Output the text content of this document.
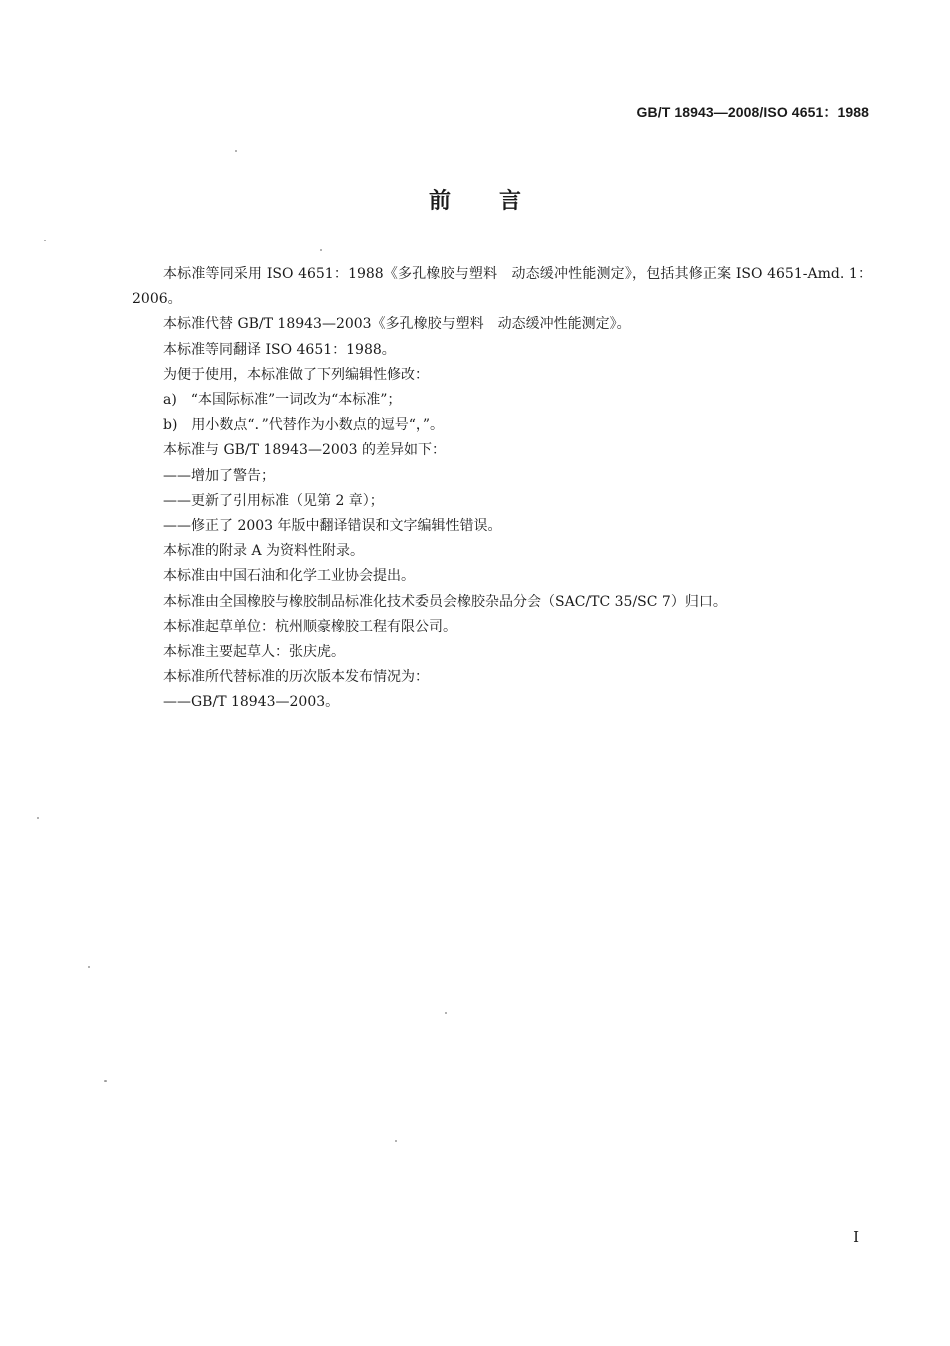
GB/T 18943—2008/ISO 4651：1988
前言

本标准等同采用 ISO 4651：1988《多孔橡胶与塑料　动态缓冲性能测定》，包括其修正案 ISO 4651-Amd. 1：2006。

本标准代替 GB/T 18943—2003《多孔橡胶与塑料　动态缓冲性能测定》。

本标准等同翻译 ISO 4651：1988。

为便于使用，本标准做了下列编辑性修改：

a)　“本国际标准”一词改为“本标准”；

b)　用小数点“．”代替作为小数点的逗号“，”。

本标准与 GB/T 18943—2003 的差异如下：

——增加了警告；

——更新了引用标准（见第 2 章）；

——修正了 2003 年版中翻译错误和文字编辑性错误。

本标准的附录 A 为资料性附录。

本标准由中国石油和化学工业协会提出。

本标准由全国橡胶与橡胶制品标准化技术委员会橡胶杂品分会（SAC/TC 35/SC 7）归口。

本标准起草单位：杭州顺豪橡胶工程有限公司。

本标准主要起草人：张庆虎。

本标准所代替标准的历次版本发布情况为：

——GB/T 18943—2003。

I
